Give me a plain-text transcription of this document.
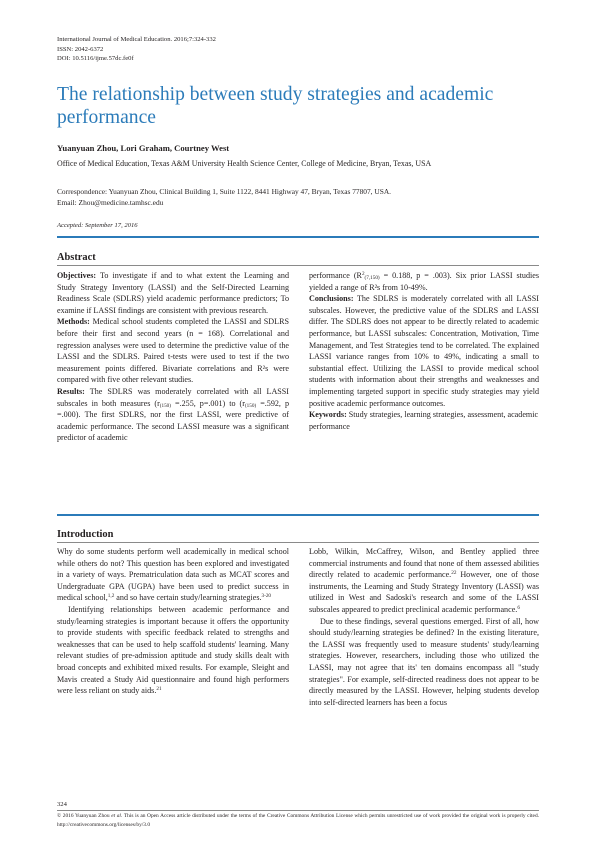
International Journal of Medical Education. 2016;7:324-332
ISSN: 2042-6372
DOI: 10.5116/ijme.57dc.fe0f
The relationship between study strategies and academic performance
Yuanyuan Zhou, Lori Graham, Courtney West
Office of Medical Education, Texas A&M University Health Science Center, College of Medicine, Bryan, Texas, USA
Correspondence: Yuanyuan Zhou, Clinical Building 1, Suite 1122, 8441 Highway 47, Bryan, Texas 77807, USA.
Email: Zhou@medicine.tamhsc.edu
Accepted: September 17, 2016
Abstract

Objectives: To investigate if and to what extent the Learning and Study Strategy Inventory (LASSI) and the Self-Directed Learning Readiness Scale (SDLRS) yield academic performance predictors; To examine if LASSI findings are consistent with previous research.

Methods: Medical school students completed the LASSI and SDLRS before their first and second years (n = 168). Correlational and regression analyses were used to determine the predictive value of the LASSI and the SDLRS. Paired t-tests were used to test if the two measurement points differed. Bivariate correlations and R²s were compared with five other relevant studies.

Results: The SDLRS was moderately correlated with all LASSI subscales in both measures ($r_{(150)} =.255$, p=.001) to ($r_{(150)} =.592$, p =.000). The first SDLRS, nor the first LASSI, were predictive of academic performance. The second LASSI measure was a significant predictor of academic

performance ($R^2_{(7,150)} = 0.188$, p = .003). Six prior LASSI studies yielded a range of R²s from 10-49%.

Conclusions: The SDLRS is moderately correlated with all LASSI subscales. However, the predictive value of the SDLRS and LASSI differ. The SDLRS does not appear to be directly related to academic performance, but LASSI subscales: Concentration, Motivation, Time Management, and Test Strategies tend to be correlated. The explained LASSI variance ranges from 10% to 49%, indicating a small to substantial effect. Utilizing the LASSI to provide medical school students with information about their strengths and weaknesses and implementing targeted support in specific study strategies may yield positive academic performance outcomes.

Keywords: Study strategies, learning strategies, assessment, academic performance

Introduction

Why do some students perform well academically in medical school while others do not? This question has been explored and investigated in a variety of ways. Prematriculation data such as MCAT scores and Undergraduate GPA (UGPA) have been used to predict success in medical school,$^{1,2}$ and so have certain study/learning strategies.$^{3-20}$

Identifying relationships between academic performance and study/learning strategies is important because it offers the opportunity to provide students with specific feedback related to strengths and weaknesses that can be used to help scaffold students' learning. Many relevant studies of pre-admission aptitude and study skills dealt with broad concepts and exhibited mixed results. For example, Sleight and Mavis created a Study Aid questionnaire and found high performers were less reliant on study aids.$^{21}$

Lobb, Wilkin, McCaffrey, Wilson, and Bentley applied three commercial instruments and found that none of them assessed abilities directly related to academic performance.$^{22}$ However, one of those instruments, the Learning and Study Strategy Inventory (LASSI) was utilized in West and Sadoski's research and some of the LASSI subscales appeared to predict preclinical academic performance.$^6$

Due to these findings, several questions emerged. First of all, how should study/learning strategies be defined? In the existing literature, the LASSI was frequently used to measure students' study/learning strategies. However, researchers, including those who utilized the LASSI, may not agree that its' ten domains encompass all "study strategies". For example, self-directed readiness does not appear to be directly measured by the LASSI. However, helping students develop into self-directed learners has been a focus

324
© 2016 Yuanyuan Zhou et al. This is an Open Access article distributed under the terms of the Creative Commons Attribution License which permits unrestricted use of work provided the original work is properly cited. http://creativecommons.org/licenses/by/3.0
